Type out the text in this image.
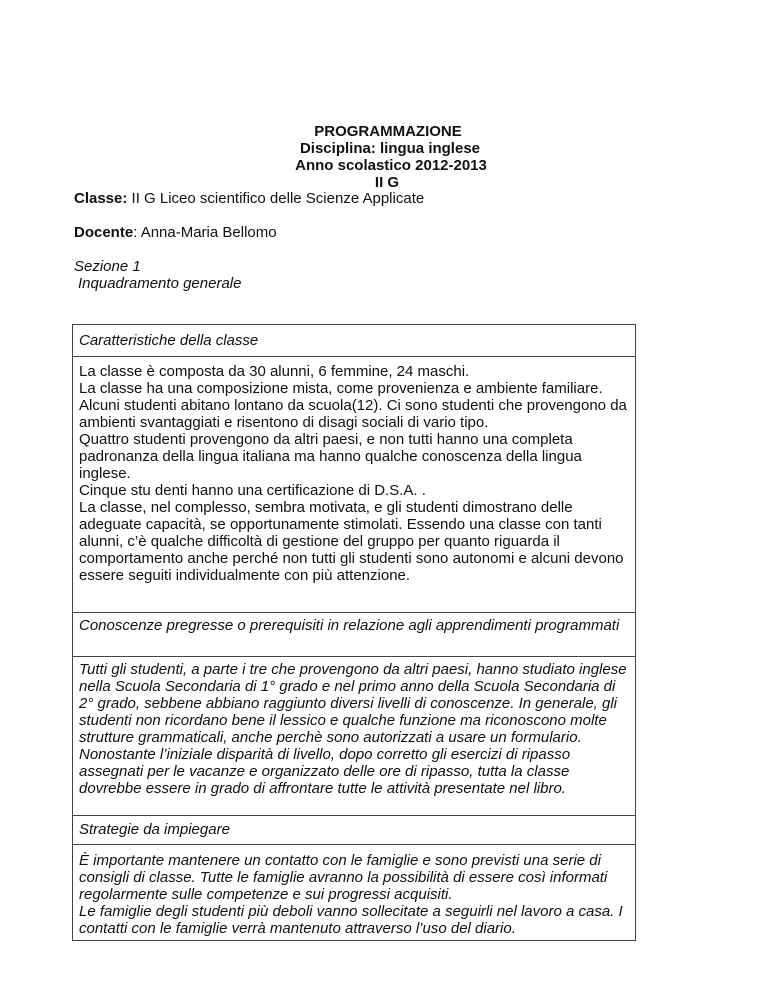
PROGRAMMAZIONE
Disciplina: lingua inglese
Anno scolastico 2012-2013
II G
Classe: II G Liceo scientifico delle Scienze Applicate
Docente: Anna-Maria Bellomo
Sezione 1
Inquadramento generale

Caratteristiche della classe

La classe è composta da 30 alunni, 6 femmine, 24 maschi.

La classe ha una composizione mista, come provenienza e ambiente familiare. Alcuni studenti abitano lontano da scuola(12). Ci sono studenti che provengono da ambienti svantaggiati e risentono di disagi sociali di vario tipo.

Quattro studenti provengono da altri paesi, e non tutti hanno una completa padronanza della lingua italiana ma hanno qualche conoscenza della lingua inglese.

Cinque stu denti hanno una certificazione di D.S.A. .

La classe, nel complesso, sembra motivata, e gli studenti dimostrano delle adeguate capacità, se opportunamente stimolati. Essendo una classe con tanti alunni, c’è qualche difficoltà di gestione del gruppo per quanto riguarda il comportamento anche perché non tutti gli studenti sono autonomi e alcuni devono essere seguiti individualmente con più attenzione.

Conoscenze pregresse o prerequisiti in relazione agli apprendimenti programmati

Tutti gli studenti, a parte i tre che provengono da altri paesi, hanno studiato inglese nella Scuola Secondaria di 1° grado e nel primo anno della Scuola Secondaria di 2° grado, sebbene abbiano raggiunto diversi livelli di conoscenze. In generale, gli studenti non ricordano bene il lessico e qualche funzione ma riconoscono molte strutture grammaticali, anche perchè sono autorizzati a usare un formulario.

Nonostante l’iniziale disparità di livello, dopo corretto gli esercizi di ripasso assegnati per le vacanze e organizzato delle ore di ripasso, tutta la classe dovrebbe essere in grado di affrontare tutte le attività presentate nel libro.

Strategie da impiegare

È importante mantenere un contatto con le famiglie e sono previsti una serie di consigli di classe. Tutte le famiglie avranno la possibilità di essere così informati regolarmente sulle competenze e sui progressi acquisiti.

Le famiglie degli studenti più deboli vanno sollecitate a seguirli nel lavoro a casa. I contatti con le famiglie verrà mantenuto attraverso l’uso del diario.
